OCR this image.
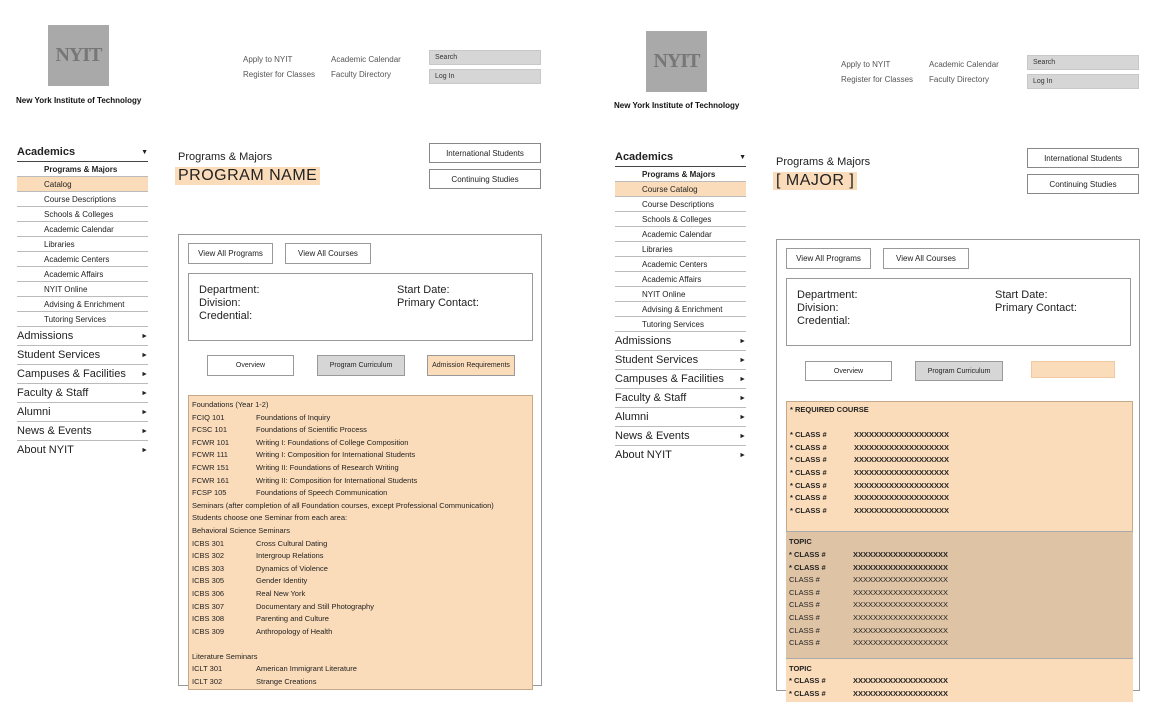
NYIT
New York Institute of Technology
Apply to NYIT
Register for Classes
Academic Calendar
Faculty Directory
Search
Log In
Academics	▼
Programs & Majors
Catalog
Course Descriptions
Schools & Colleges
Academic Calendar
Libraries
Academic Centers
Academic Affairs
NYIT Online
Advising & Enrichment
Tutoring Services
Admissions	►
Student Services	►
Campuses & Facilities ►
Faculty & Staff	►
Alumni	►
News & Events	►
About NYIT	►
Programs & Majors
PROGRAM NAME
International Students
Continuing Studies
View All Programs	View All Courses
Department:
Division:
Credential:
Start Date:
Primary Contact:
Overview	Program Curriculum	Admission Requirements
Foundations (Year 1-2)
FCIQ 101	Foundations of Inquiry
FCSC 101	Foundations of Scientific Process
FCWR 101	Writing I: Foundations of College Composition
FCWR 111	Writing I: Composition for International Students
FCWR 151	Writing II: Foundations of Research Writing
FCWR 161	Writing II: Composition for International Students
FCSP 105	Foundations of Speech Communication
Seminars (after completion of all Foundation courses, except Professional Communication)
Students choose one Seminar from each area:
Behavioral Science Seminars
ICBS 301	Cross Cultural Dating
ICBS 302	Intergroup Relations
ICBS 303	Dynamics of Violence
ICBS 305	Gender Identity
ICBS 306	Real New York
ICBS 307	Documentary and Still Photography
ICBS 308	Parenting and Culture
ICBS 309	Anthropology of Health
Literature Seminars
ICLT 301	American Immigrant Literature
ICLT 302	Strange Creations
NYIT
New York Institute of Technology
Apply to NYIT
Register for Classes
Academic Calendar
Faculty Directory
Search
Log In
Academics	▼
Programs & Majors
Course Catalog
Course Descriptions
Schools & Colleges
Academic Calendar
Libraries
Academic Centers
Academic Affairs
NYIT Online
Advising & Enrichment
Tutoring Services
Admissions	►
Student Services	►
Campuses & Facilities ►
Faculty & Staff	►
Alumni	►
News & Events	►
About NYIT	►
Programs & Majors
[ MAJOR ]
International Students
Continuing Studies
View All Programs	View All Courses
Department:
Division:
Credential:
Start Date:
Primary Contact:
Overview	Program Curriculum
* REQUIRED COURSE
* CLASS #	XXXXXXXXXXXXXXXXXXX
* CLASS #	XXXXXXXXXXXXXXXXXXX
* CLASS #	XXXXXXXXXXXXXXXXXXX
* CLASS #	XXXXXXXXXXXXXXXXXXX
* CLASS #	XXXXXXXXXXXXXXXXXXX
* CLASS #	XXXXXXXXXXXXXXXXXXX
* CLASS #	XXXXXXXXXXXXXXXXXXX
TOPIC
* CLASS #	XXXXXXXXXXXXXXXXXXX
* CLASS #	XXXXXXXXXXXXXXXXXXX
CLASS #	XXXXXXXXXXXXXXXXXXX
CLASS #	XXXXXXXXXXXXXXXXXXX
CLASS #	XXXXXXXXXXXXXXXXXXX
CLASS #	XXXXXXXXXXXXXXXXXXX
CLASS #	XXXXXXXXXXXXXXXXXXX
CLASS #	XXXXXXXXXXXXXXXXXXX
TOPIC
* CLASS #	XXXXXXXXXXXXXXXXXXX
* CLASS #	XXXXXXXXXXXXXXXXXXX
